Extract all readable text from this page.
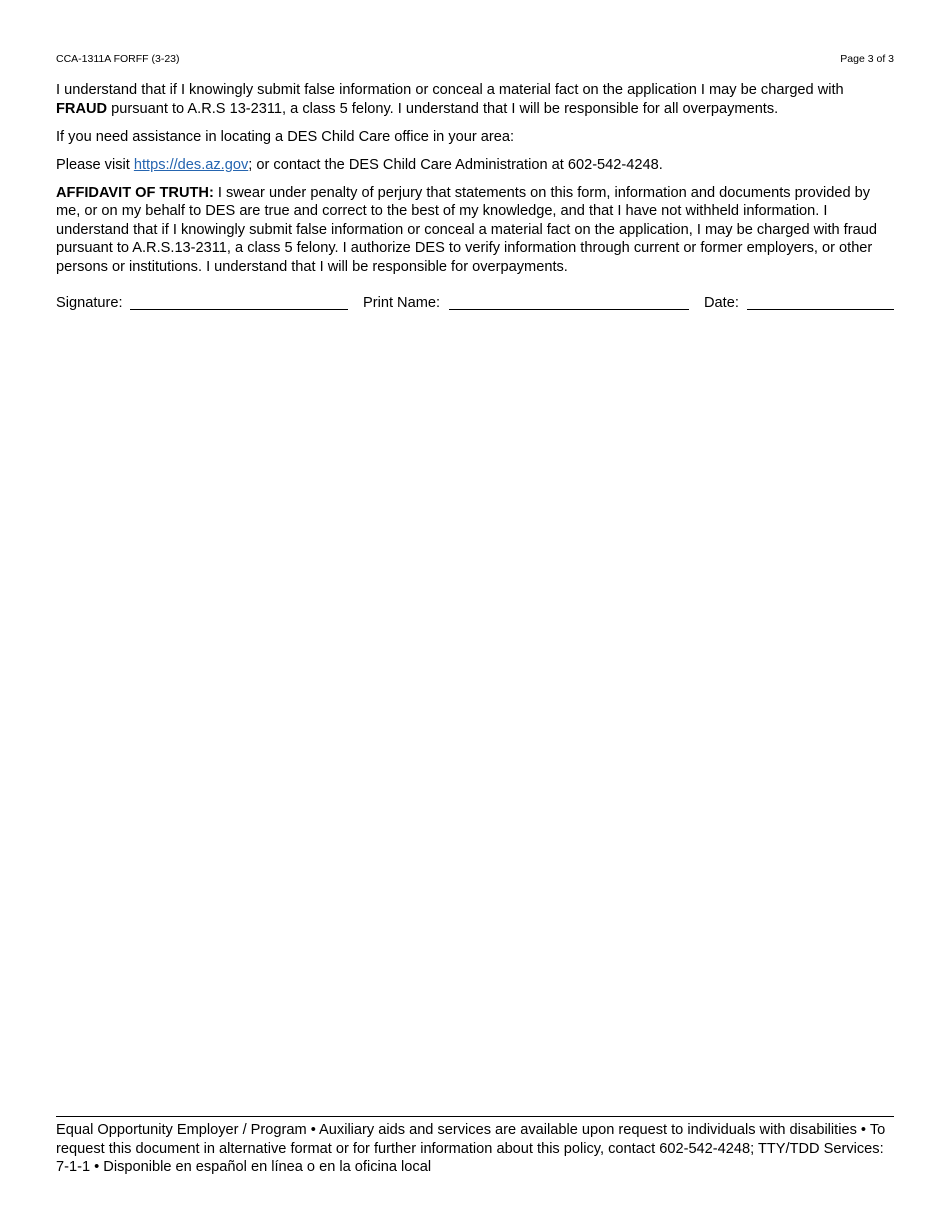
CCA-1311A FORFF (3-23)	Page 3 of 3

I understand that if I knowingly submit false information or conceal a material fact on the application I may be charged with FRAUD pursuant to A.R.S 13-2311, a class 5 felony. I understand that I will be responsible for all overpayments.

If you need assistance in locating a DES Child Care office in your area:

Please visit https://des.az.gov; or contact the DES Child Care Administration at 602-542-4248.

AFFIDAVIT OF TRUTH: I swear under penalty of perjury that statements on this form, information and documents provided by me, or on my behalf to DES are true and correct to the best of my knowledge, and that I have not withheld information. I understand that if I knowingly submit false information or conceal a material fact on the application, I may be charged with fraud pursuant to A.R.S.13-2311, a class 5 felony. I authorize DES to verify information through current or former employers, or other persons or institutions. I understand that I will be responsible for overpayments.

Signature:	Print Name:	Date:
Equal Opportunity Employer / Program • Auxiliary aids and services are available upon request to individuals with disabilities • To request this document in alternative format or for further information about this policy, contact 602-542-4248; TTY/TDD Services: 7-1-1 • Disponible en español en línea o en la oficina local
